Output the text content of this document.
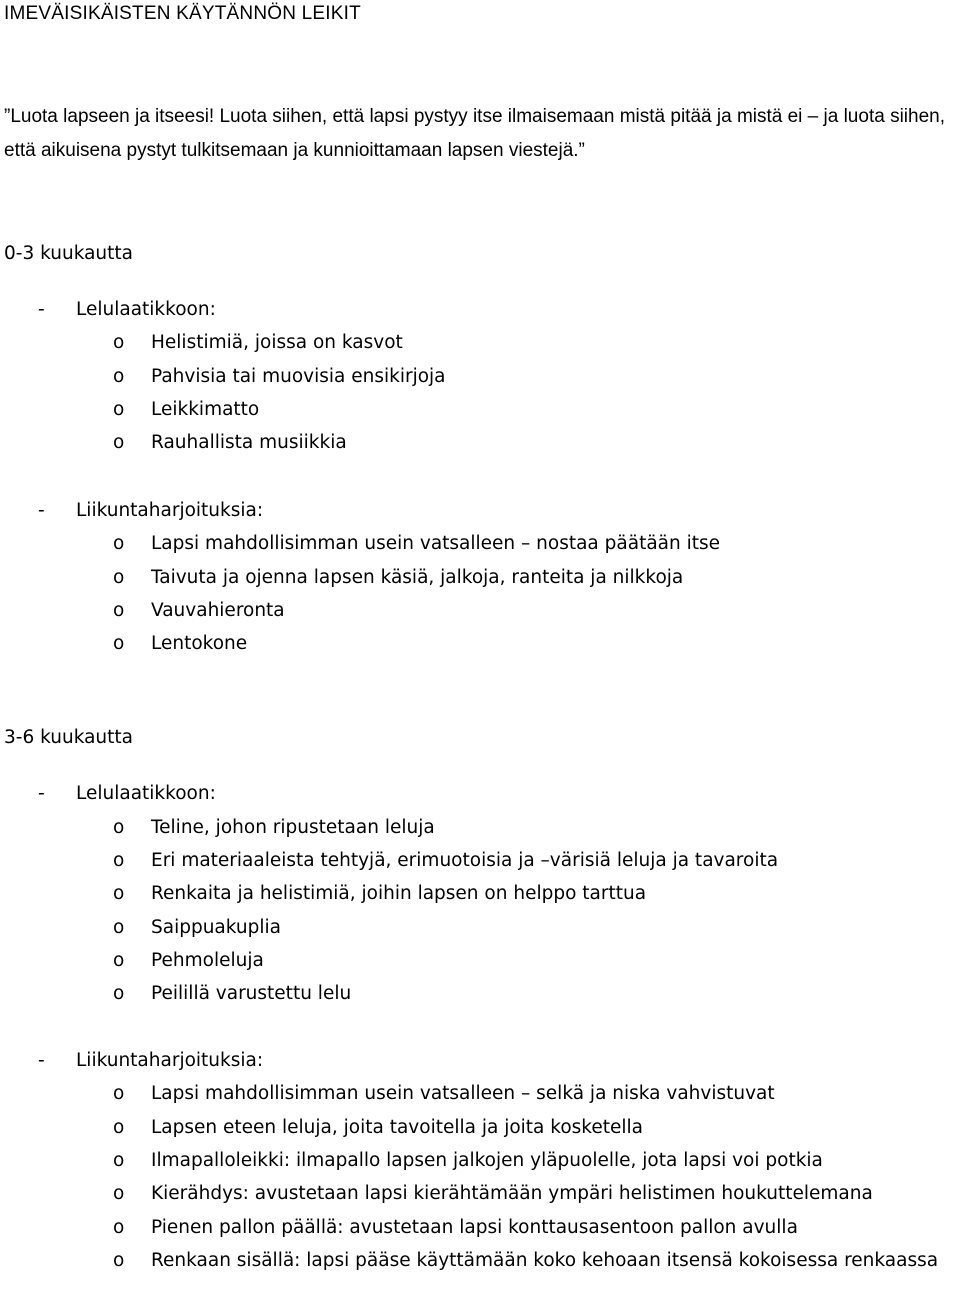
IMEVÄISIKÄISTEN KÄYTÄNNÖN LEIKIT
”Luota lapseen ja itseesi! Luota siihen, että lapsi pystyy itse ilmaisemaan mistä pitää ja mistä ei – ja luota siihen, että aikuisena pystyt tulkitsemaan ja kunnioittamaan lapsen viestejä.”
0-3 kuukautta
- Lelulaatikkoon:
o Helistimiä, joissa on kasvot
o Pahvisia tai muovisia ensikirjoja
o Leikkimatto
o Rauhallista musiikkia
- Liikuntaharjoituksia:
o Lapsi mahdollisimman usein vatsalleen – nostaa päätään itse
o Taivuta ja ojenna lapsen käsiä, jalkoja, ranteita ja nilkkoja
o Vauvahieronta
o Lentokone
3-6 kuukautta
- Lelulaatikkoon:
o Teline, johon ripustetaan leluja
o Eri materiaaleista tehtyjä, erimuotoisia ja –värisiä leluja ja tavaroita
o Renkaita ja helistimiä, joihin lapsen on helppo tarttua
o Saippuakuplia
o Pehmoleluja
o Peilillä varustettu lelu
- Liikuntaharjoituksia:
o Lapsi mahdollisimman usein vatsalleen – selkä ja niska vahvistuvat
o Lapsen eteen leluja, joita tavoitella ja joita kosketella
o Ilmapalloleikki: ilmapallo lapsen jalkojen yläpuolelle, jota lapsi voi potkia
o Kierähdys: avustetaan lapsi kierähtämään ympäri helistimen houkuttelemana
o Pienen pallon päällä: avustetaan lapsi konttausasentoon pallon avulla
o Renkaan sisällä: lapsi pääse käyttämään koko kehoaan itsensä kokoisessa renkaassa
